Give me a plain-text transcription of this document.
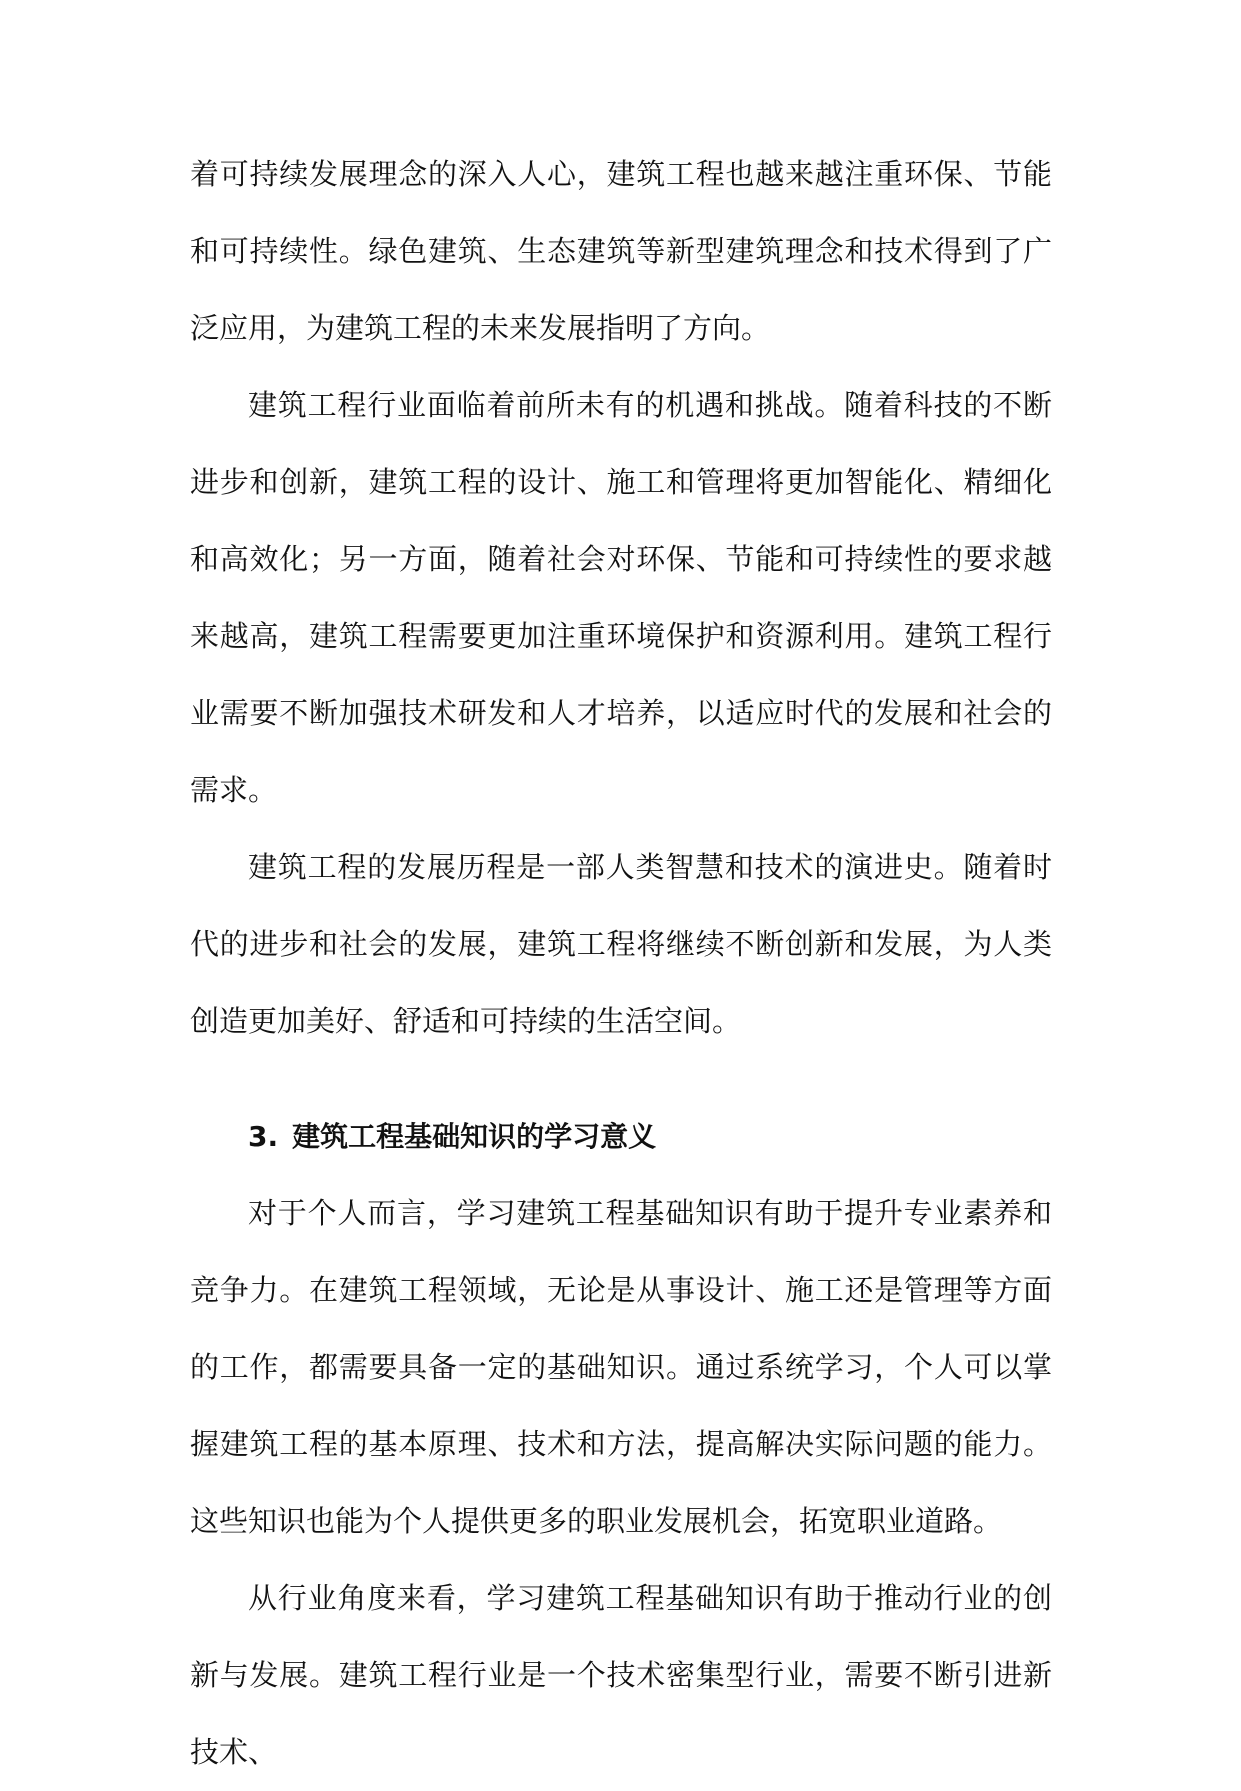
着可持续发展理念的深入人心，建筑工程也越来越注重环保、节能和可持续性。绿色建筑、生态建筑等新型建筑理念和技术得到了广泛应用，为建筑工程的未来发展指明了方向。

建筑工程行业面临着前所未有的机遇和挑战。随着科技的不断进步和创新，建筑工程的设计、施工和管理将更加智能化、精细化和高效化；另一方面，随着社会对环保、节能和可持续性的要求越来越高，建筑工程需要更加注重环境保护和资源利用。建筑工程行业需要不断加强技术研发和人才培养，以适应时代的发展和社会的需求。

建筑工程的发展历程是一部人类智慧和技术的演进史。随着时代的进步和社会的发展，建筑工程将继续不断创新和发展，为人类创造更加美好、舒适和可持续的生活空间。

3. 建筑工程基础知识的学习意义

对于个人而言，学习建筑工程基础知识有助于提升专业素养和竞争力。在建筑工程领域，无论是从事设计、施工还是管理等方面的工作，都需要具备一定的基础知识。通过系统学习，个人可以掌握建筑工程的基本原理、技术和方法，提高解决实际问题的能力。这些知识也能为个人提供更多的职业发展机会，拓宽职业道路。

从行业角度来看，学习建筑工程基础知识有助于推动行业的创新与发展。建筑工程行业是一个技术密集型行业，需要不断引进新技术、
